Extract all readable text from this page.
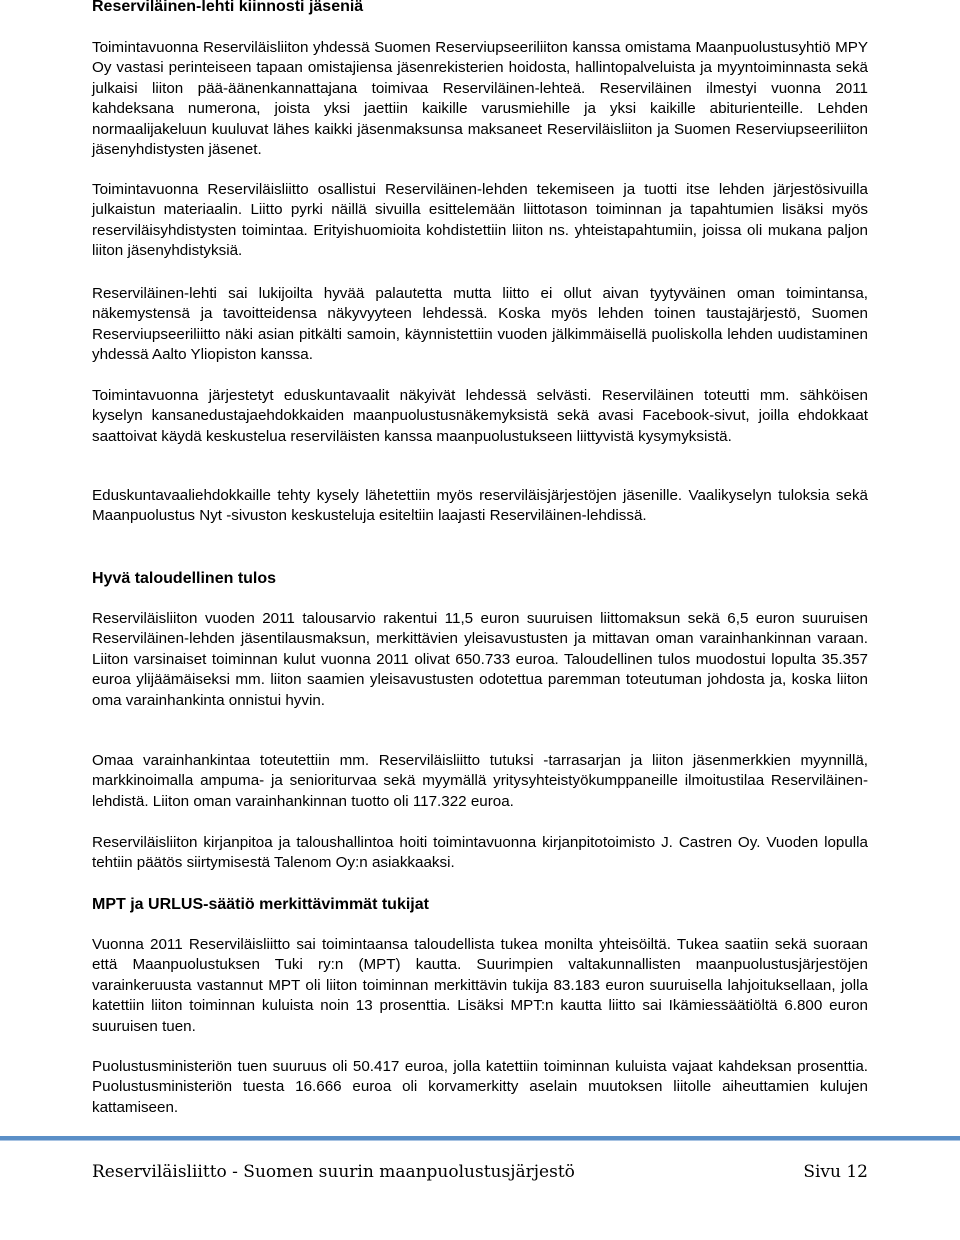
Reserviläinen-lehti kiinnosti jäseniä

Toimintavuonna Reserviläisliiton yhdessä Suomen Reserviupseeriliiton kanssa omistama Maanpuolustusyhtiö MPY Oy vastasi perinteiseen tapaan omistajiensa jäsenrekisterien hoidosta, hallintopalveluista ja myyntoiminnasta sekä julkaisi liiton pää-äänenkannattajana toimivaa Reserviläinen-lehteä. Reserviläinen ilmestyi vuonna 2011 kahdeksana numerona, joista yksi jaettiin kaikille varusmiehille ja yksi kaikille abiturienteille. Lehden normaalijakeluun kuuluvat lähes kaikki jäsenmaksunsa maksaneet Reserviläisliiton ja Suomen Reserviupseeriliiton jäsenyhdistysten jäsenet.

Toimintavuonna Reserviläisliitto osallistui Reserviläinen-lehden tekemiseen ja tuotti itse lehden järjestösivuilla julkaistun materiaalin. Liitto pyrki näillä sivuilla esittelemään liittotason toiminnan ja tapahtumien lisäksi myös reserviläisyhdistysten toimintaa. Erityishuomioita kohdistettiin liiton ns. yhteistapahtumiin, joissa oli mukana paljon liiton jäsenyhdistyksiä.

Reserviläinen-lehti sai lukijoilta hyvää palautetta mutta liitto ei ollut aivan tyytyväinen oman toimintansa, näkemystensä ja tavoitteidensa näkyvyyteen lehdessä. Koska myös lehden toinen taustajärjestö, Suomen Reserviupseeriliitto näki asian pitkälti samoin, käynnistettiin vuoden jälkimmäisellä puoliskolla lehden uudistaminen yhdessä Aalto Yliopiston kanssa.

Toimintavuonna järjestetyt eduskuntavaalit näkyivät lehdessä selvästi. Reserviläinen toteutti mm. sähköisen kyselyn kansanedustajaehdokkaiden maanpuolustusnäkemyksistä sekä avasi Facebook-sivut, joilla ehdokkaat saattoivat käydä keskustelua reserviläisten kanssa maanpuolustukseen liittyvistä kysymyksistä.

Eduskuntavaaliehdokkaille tehty kysely lähetettiin myös reserviläisjärjestöjen jäsenille. Vaalikyselyn tuloksia sekä Maanpuolustus Nyt -sivuston keskusteluja esiteltiin laajasti Reserviläinen-lehdissä.

Hyvä taloudellinen tulos

Reserviläisliiton vuoden 2011 talousarvio rakentui 11,5 euron suuruisen liittomaksun sekä 6,5 euron suuruisen Reserviläinen-lehden jäsentilausmaksun, merkittävien yleisavustusten ja mittavan oman varainhankinnan varaan. Liiton varsinaiset toiminnan kulut vuonna 2011 olivat 650.733 euroa. Taloudellinen tulos muodostui lopulta 35.357 euroa ylijäämäiseksi mm. liiton saamien yleisavustusten odotettua paremman toteutuman johdosta ja, koska liiton oma varainhankinta onnistui hyvin.

Omaa varainhankintaa toteutettiin mm. Reserviläisliitto tutuksi -tarrasarjan ja liiton jäsenmerkkien myynnillä, markkinoimalla ampuma- ja senioriturvaa sekä myymällä yritysyhteistyökumppaneille ilmoitustilaa Reserviläinen-lehdistä. Liiton oman varainhankinnan tuotto oli 117.322 euroa.

Reserviläisliiton kirjanpitoa ja taloushallintoa hoiti toimintavuonna kirjanpitotoimisto J. Castren Oy. Vuoden lopulla tehtiin päätös siirtymisestä Talenom Oy:n asiakkaaksi.

MPT ja URLUS-säätiö merkittävimmät tukijat

Vuonna 2011 Reserviläisliitto sai toimintaansa taloudellista tukea monilta yhteisöiltä. Tukea saatiin sekä suoraan että Maanpuolustuksen Tuki ry:n (MPT) kautta. Suurimpien valtakunnallisten maanpuolustusjärjestöjen varainkeruusta vastannut MPT oli liiton toiminnan merkittävin tukija 83.183 euron suuruisella lahjoituksellaan, jolla katettiin liiton toiminnan kuluista noin 13 prosenttia. Lisäksi MPT:n kautta liitto sai Ikämiessäätiöltä 6.800 euron suuruisen tuen.

Puolustusministeriön tuen suuruus oli 50.417 euroa, jolla katettiin toiminnan kuluista vajaat kahdeksan prosenttia. Puolustusministeriön tuesta 16.666 euroa oli korvamerkitty aselain muutoksen liitolle aiheuttamien kulujen kattamiseen.

Reserviläisliitto - Suomen suurin maanpuolustusjärjestö	Sivu 12
